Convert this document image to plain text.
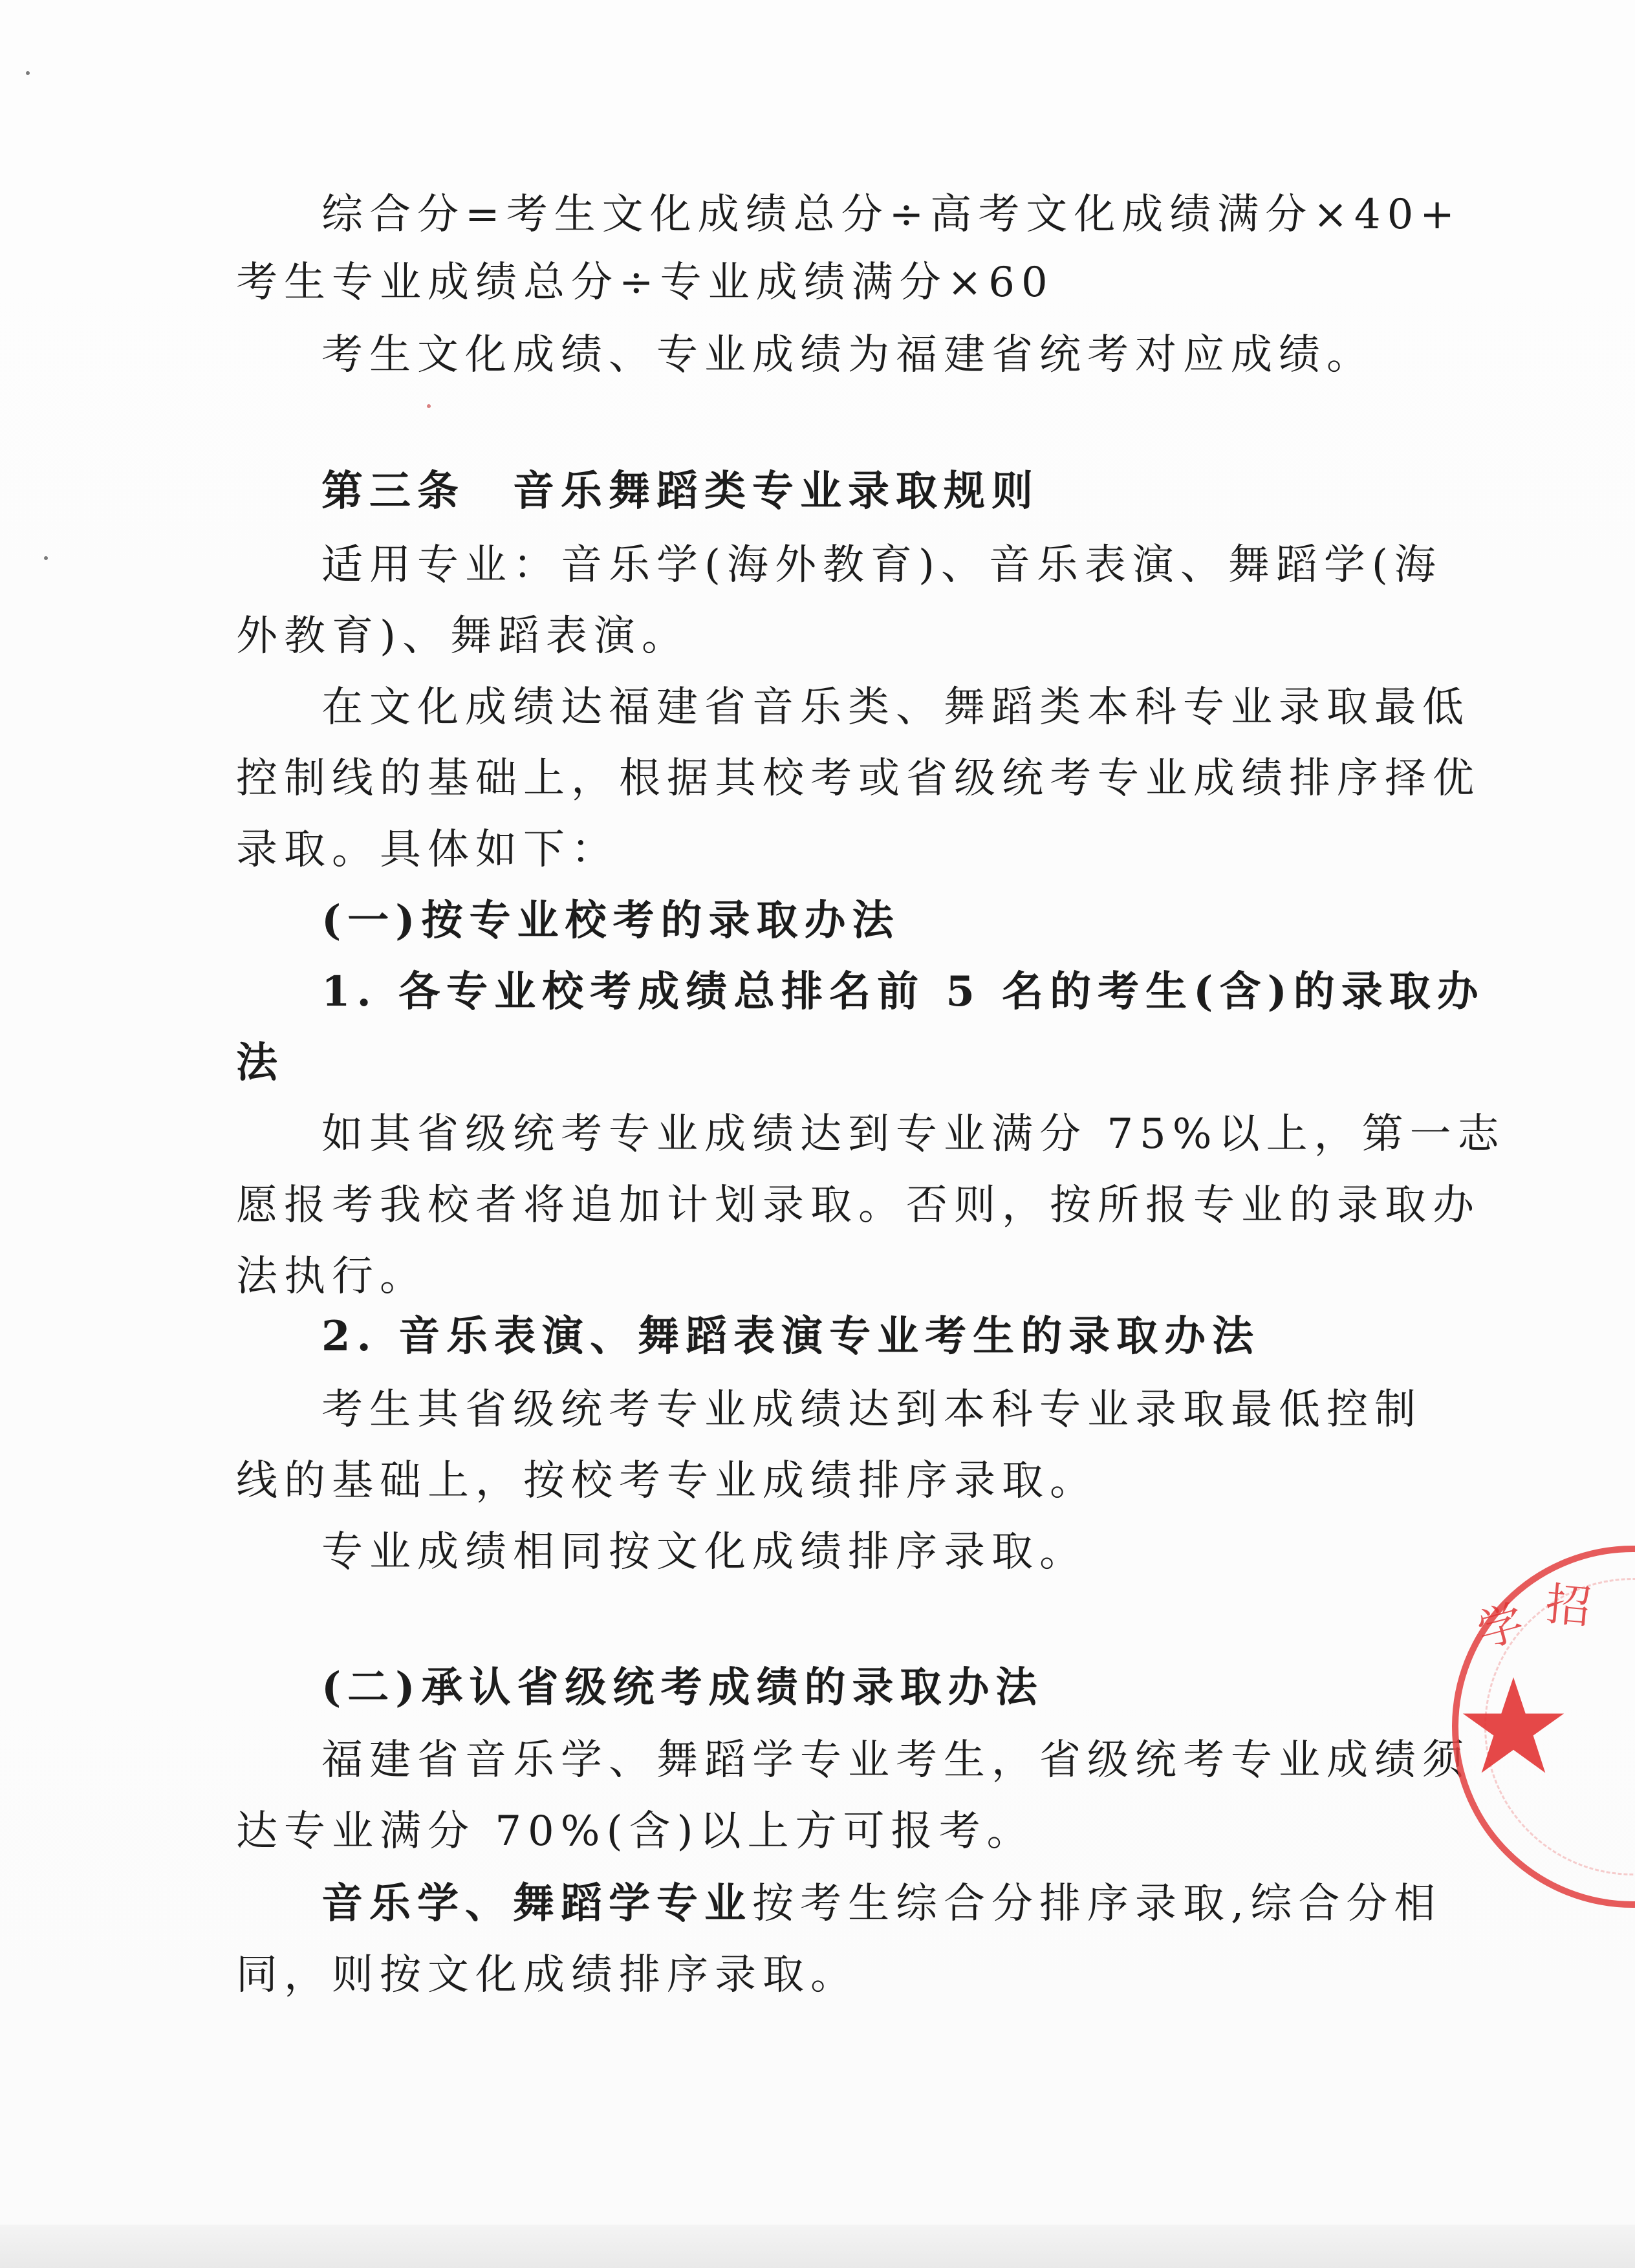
综合分=考生文化成绩总分÷高考文化成绩满分×40+
考生专业成绩总分÷专业成绩满分×60
考生文化成绩、专业成绩为福建省统考对应成绩。
第三条　音乐舞蹈类专业录取规则
适用专业：音乐学(海外教育)、音乐表演、舞蹈学(海
外教育)、舞蹈表演。
在文化成绩达福建省音乐类、舞蹈类本科专业录取最低
控制线的基础上，根据其校考或省级统考专业成绩排序择优
录取。具体如下：
(一)按专业校考的录取办法
1. 各专业校考成绩总排名前 5 名的考生(含)的录取办
法
如其省级统考专业成绩达到专业满分 75%以上，第一志
愿报考我校者将追加计划录取。否则，按所报专业的录取办
法执行。
2. 音乐表演、舞蹈表演专业考生的录取办法
考生其省级统考专业成绩达到本科专业录取最低控制
线的基础上，按校考专业成绩排序录取。
专业成绩相同按文化成绩排序录取。
(二)承认省级统考成绩的录取办法
福建省音乐学、舞蹈学专业考生，省级统考专业成绩须
达专业满分 70%(含)以上方可报考。
音乐学、舞蹈学专业按考生综合分排序录取,综合分相
同，则按文化成绩排序录取。
学 招
